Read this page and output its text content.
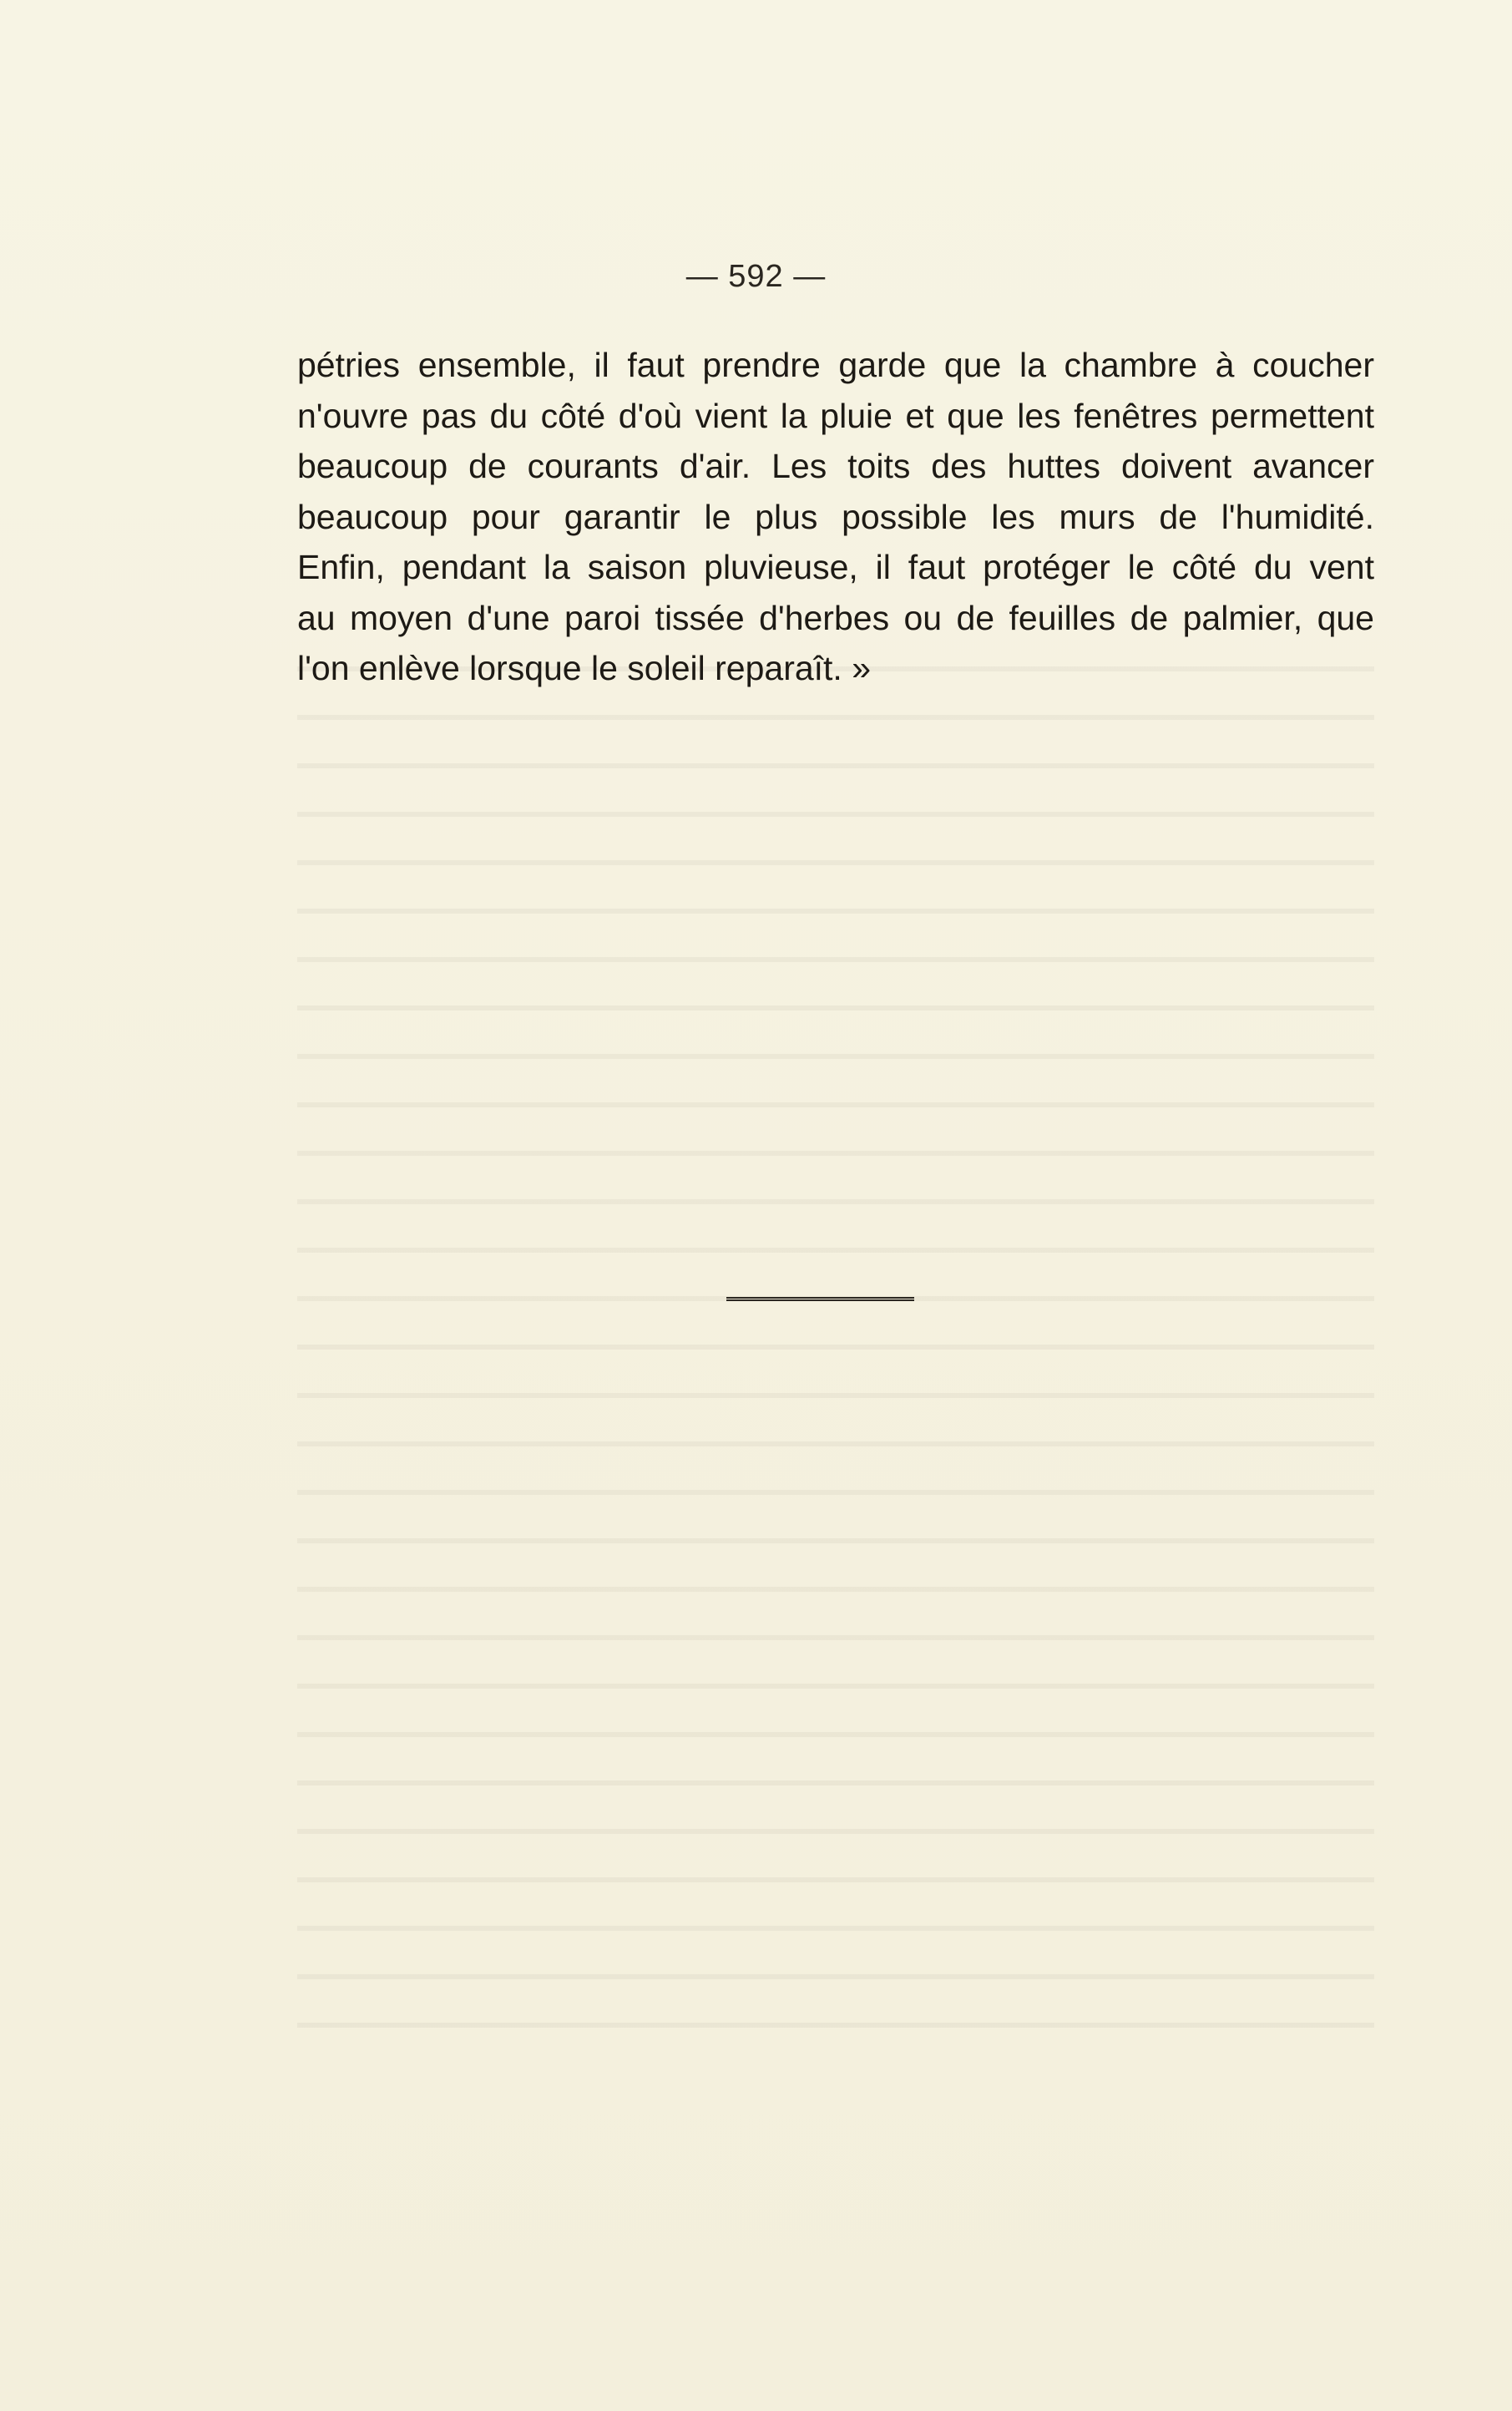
— 592 —

pétries ensemble, il faut prendre garde que la chambre à coucher
n'ouvre pas du côté d'où vient la pluie et que les fenêtres permettent
beaucoup de courants d'air. Les toits des huttes doivent avancer
beaucoup pour garantir le plus possible les murs de l'humidité.
Enfin, pendant la saison pluvieuse, il faut protéger le côté du vent
au moyen d'une paroi tissée d'herbes ou de feuilles de palmier, que
l'on enlève lorsque le soleil reparaît. »
